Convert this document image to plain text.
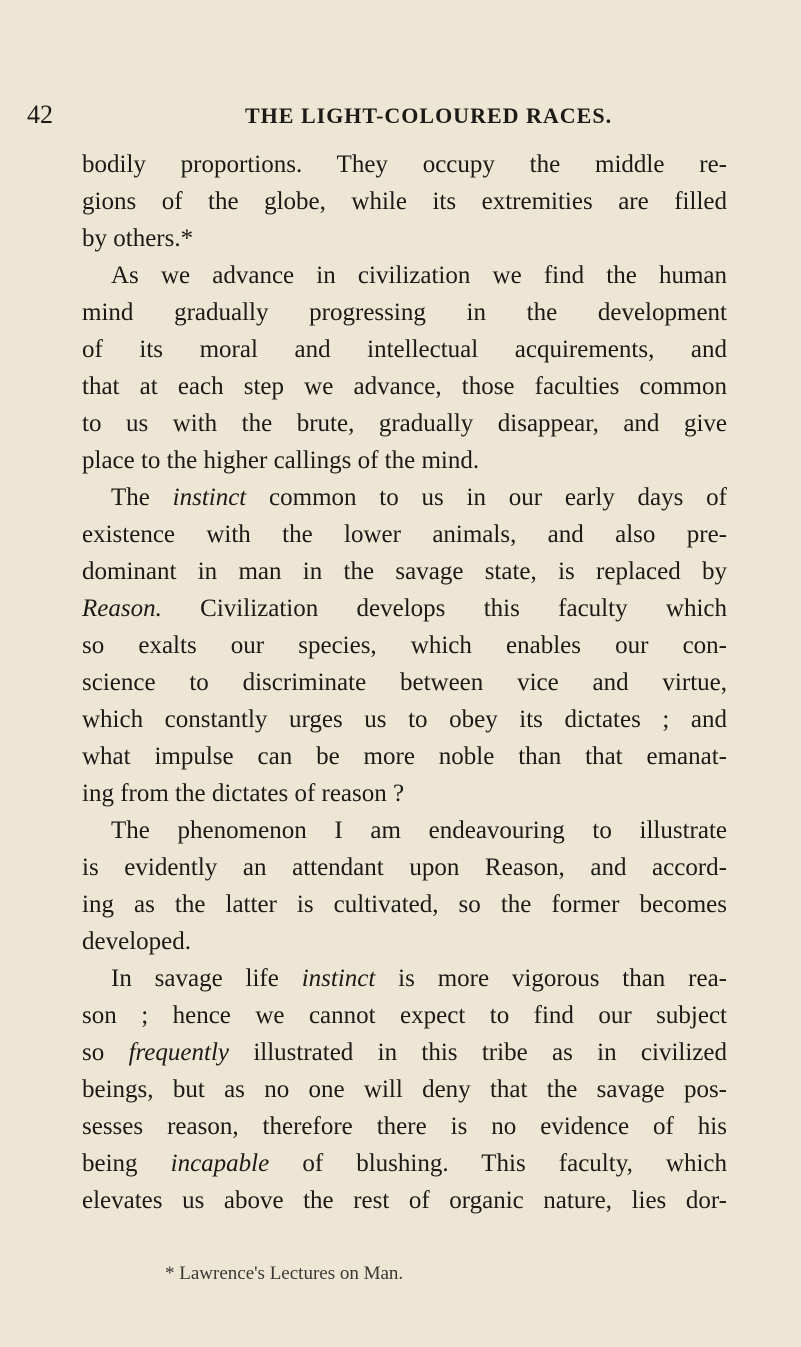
42	THE LIGHT-COLOURED RACES.
bodily proportions. They occupy the middle re-
gions of the globe, while its extremities are filled
by others.*
As we advance in civilization we find the human
mind gradually progressing in the development
of its moral and intellectual acquirements, and
that at each step we advance, those faculties common
to us with the brute, gradually disappear, and give
place to the higher callings of the mind.
The instinct common to us in our early days of
existence with the lower animals, and also pre-
dominant in man in the savage state, is replaced by
Reason. Civilization develops this faculty which
so exalts our species, which enables our con-
science to discriminate between vice and virtue,
which constantly urges us to obey its dictates ; and
what impulse can be more noble than that emanat-
ing from the dictates of reason ?
The phenomenon I am endeavouring to illustrate
is evidently an attendant upon Reason, and accord-
ing as the latter is cultivated, so the former becomes
developed.
In savage life instinct is more vigorous than rea-
son ; hence we cannot expect to find our subject
so frequently illustrated in this tribe as in civilized
beings, but as no one will deny that the savage pos-
sesses reason, therefore there is no evidence of his
being incapable of blushing. This faculty, which
elevates us above the rest of organic nature, lies dor-
* Lawrence's Lectures on Man.
